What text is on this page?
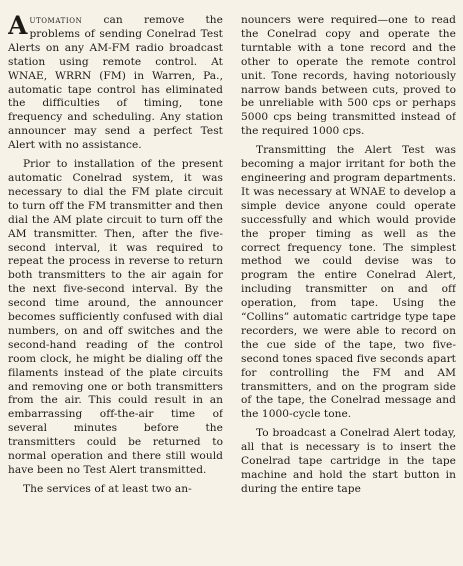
Automation can remove the problems of sending Conelrad Test Alerts on any AM-FM radio broadcast station using remote control. At WNAE, WRRN (FM) in Warren, Pa., automatic tape control has eliminated the difficulties of timing, tone frequency and scheduling. Any station announcer may send a perfect Test Alert with no assistance.

Prior to installation of the present automatic Conelrad system, it was necessary to dial the FM plate circuit to turn off the FM transmitter and then dial the AM plate circuit to turn off the AM transmitter. Then, after the five-second interval, it was required to repeat the process in reverse to return both transmitters to the air again for the next five-second interval. By the second time around, the announcer becomes sufficiently confused with dial numbers, on and off switches and the second-hand reading of the control room clock, he might be dialing off the filaments instead of the plate circuits and removing one or both transmitters from the air. This could result in an embarrassing off-the-air time of several minutes before the transmitters could be returned to normal operation and there still would have been no Test Alert transmitted.

The services of at least two an-

nouncers were required—one to read the Conelrad copy and operate the turntable with a tone record and the other to operate the remote control unit. Tone records, having notoriously narrow bands between cuts, proved to be unreliable with 500 cps or perhaps 5000 cps being transmitted instead of the required 1000 cps.

Transmitting the Alert Test was becoming a major irritant for both the engineering and program departments. It was necessary at WNAE to develop a simple device anyone could operate successfully and which would provide the proper timing as well as the correct frequency tone. The simplest method we could devise was to program the entire Conelrad Alert, including transmitter on and off operation, from tape. Using the “Collins” automatic cartridge type tape recorders, we were able to record on the cue side of the tape, two five-second tones spaced five seconds apart for controlling the FM and AM transmitters, and on the program side of the tape, the Conelrad message and the 1000-cycle tone.

To broadcast a Conelrad Alert today, all that is necessary is to insert the Conelrad tape cartridge in the tape machine and hold the start button in during the entire tape
